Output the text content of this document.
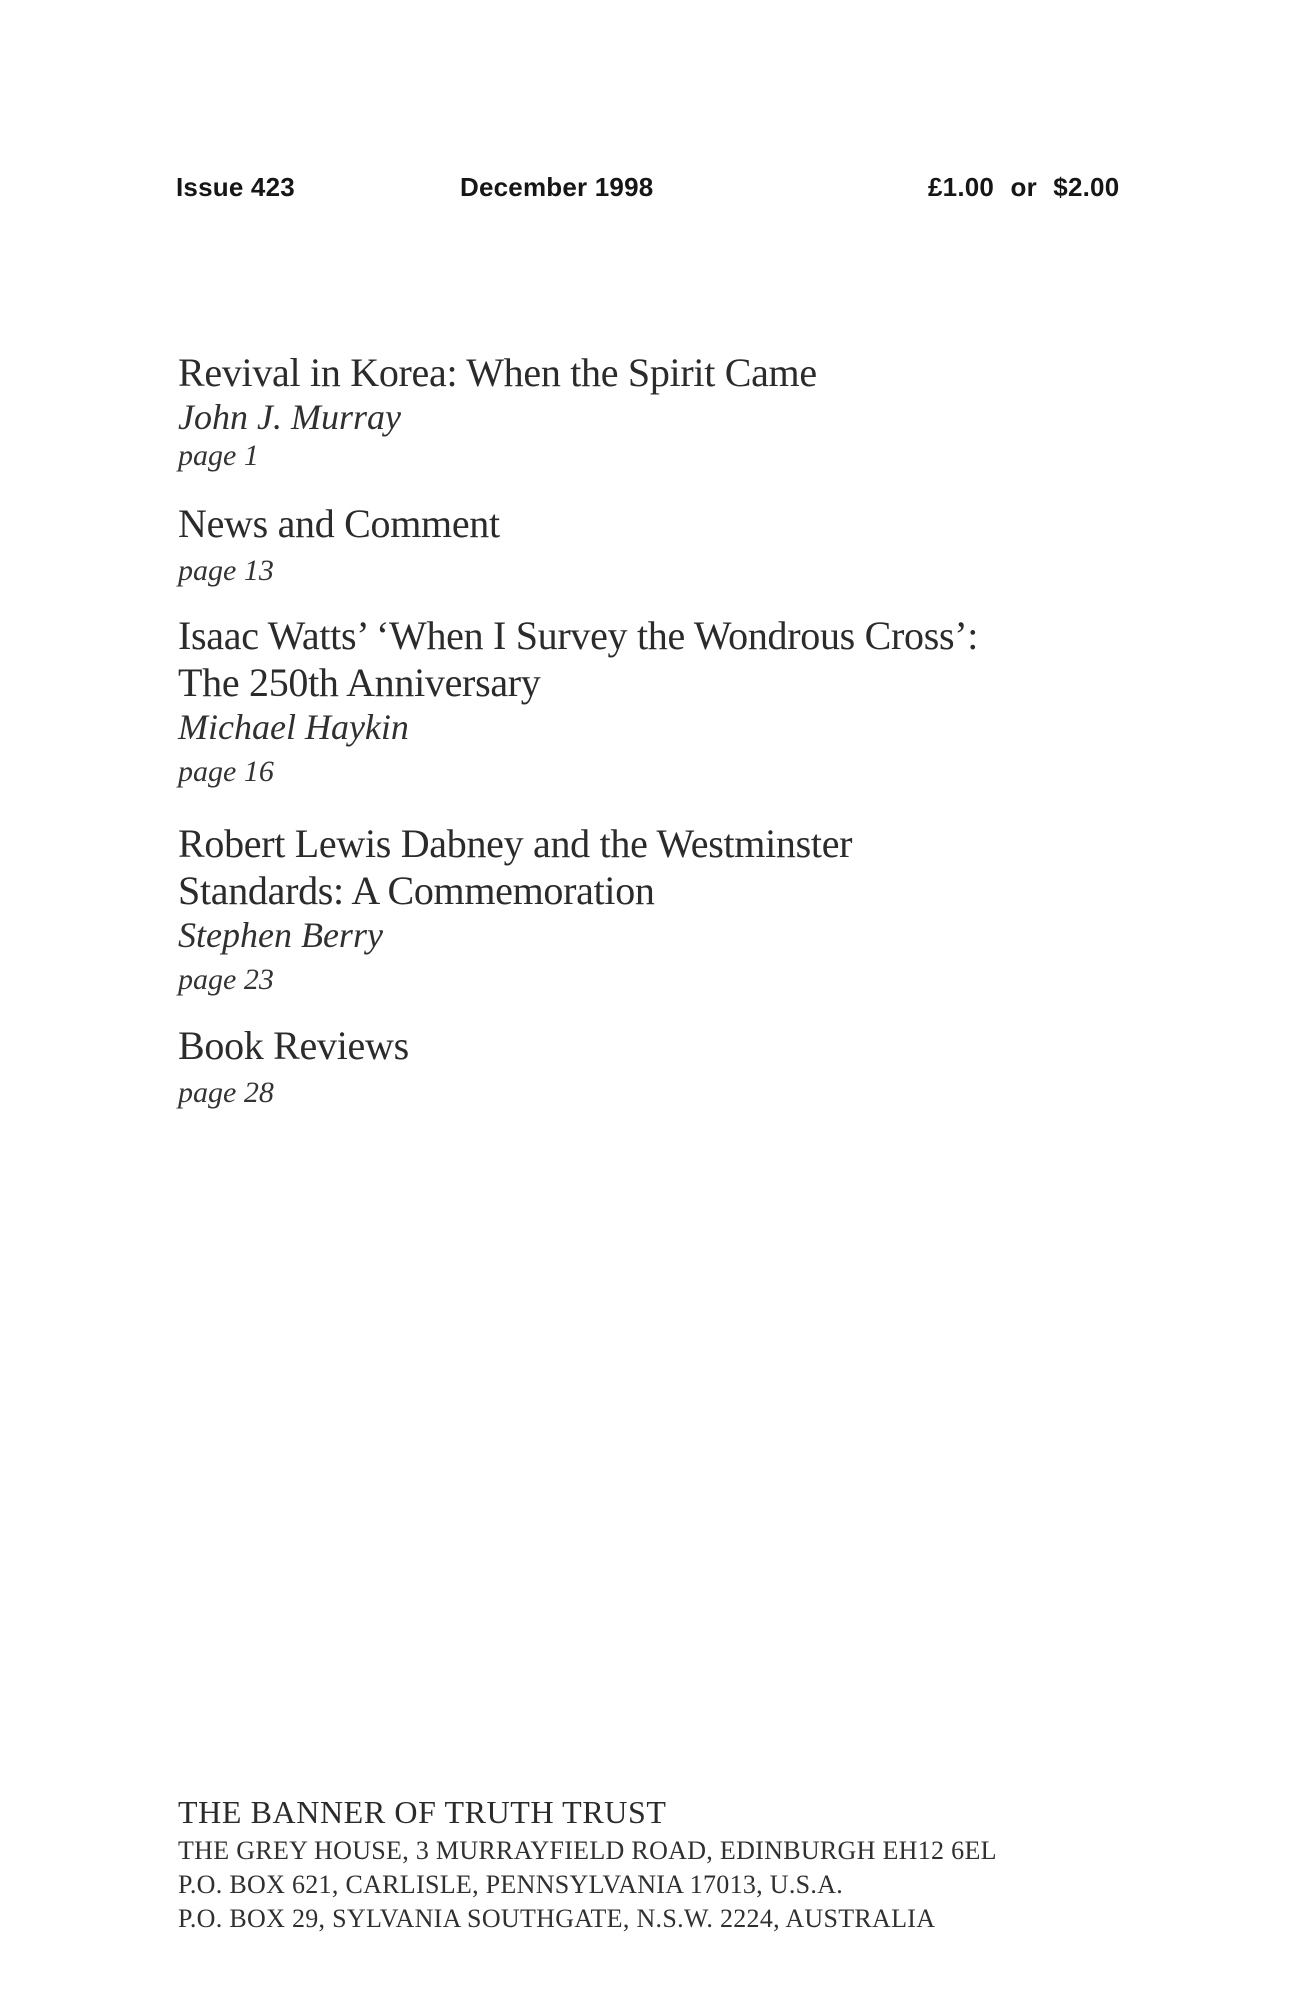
Issue 423	December 1998	£1.00 or $2.00
Revival in Korea: When the Spirit Came
John J. Murray
page 1
News and Comment
page 13
Isaac Watts’ ‘When I Survey the Wondrous Cross’:
The 250th Anniversary
Michael Haykin
page 16
Robert Lewis Dabney and the Westminster
Standards: A Commemoration
Stephen Berry
page 23
Book Reviews
page 28
THE BANNER OF TRUTH TRUST
THE GREY HOUSE, 3 MURRAYFIELD ROAD, EDINBURGH EH12 6EL
P.O. BOX 621, CARLISLE, PENNSYLVANIA 17013, U.S.A.
P.O. BOX 29, SYLVANIA SOUTHGATE, N.S.W. 2224, AUSTRALIA
